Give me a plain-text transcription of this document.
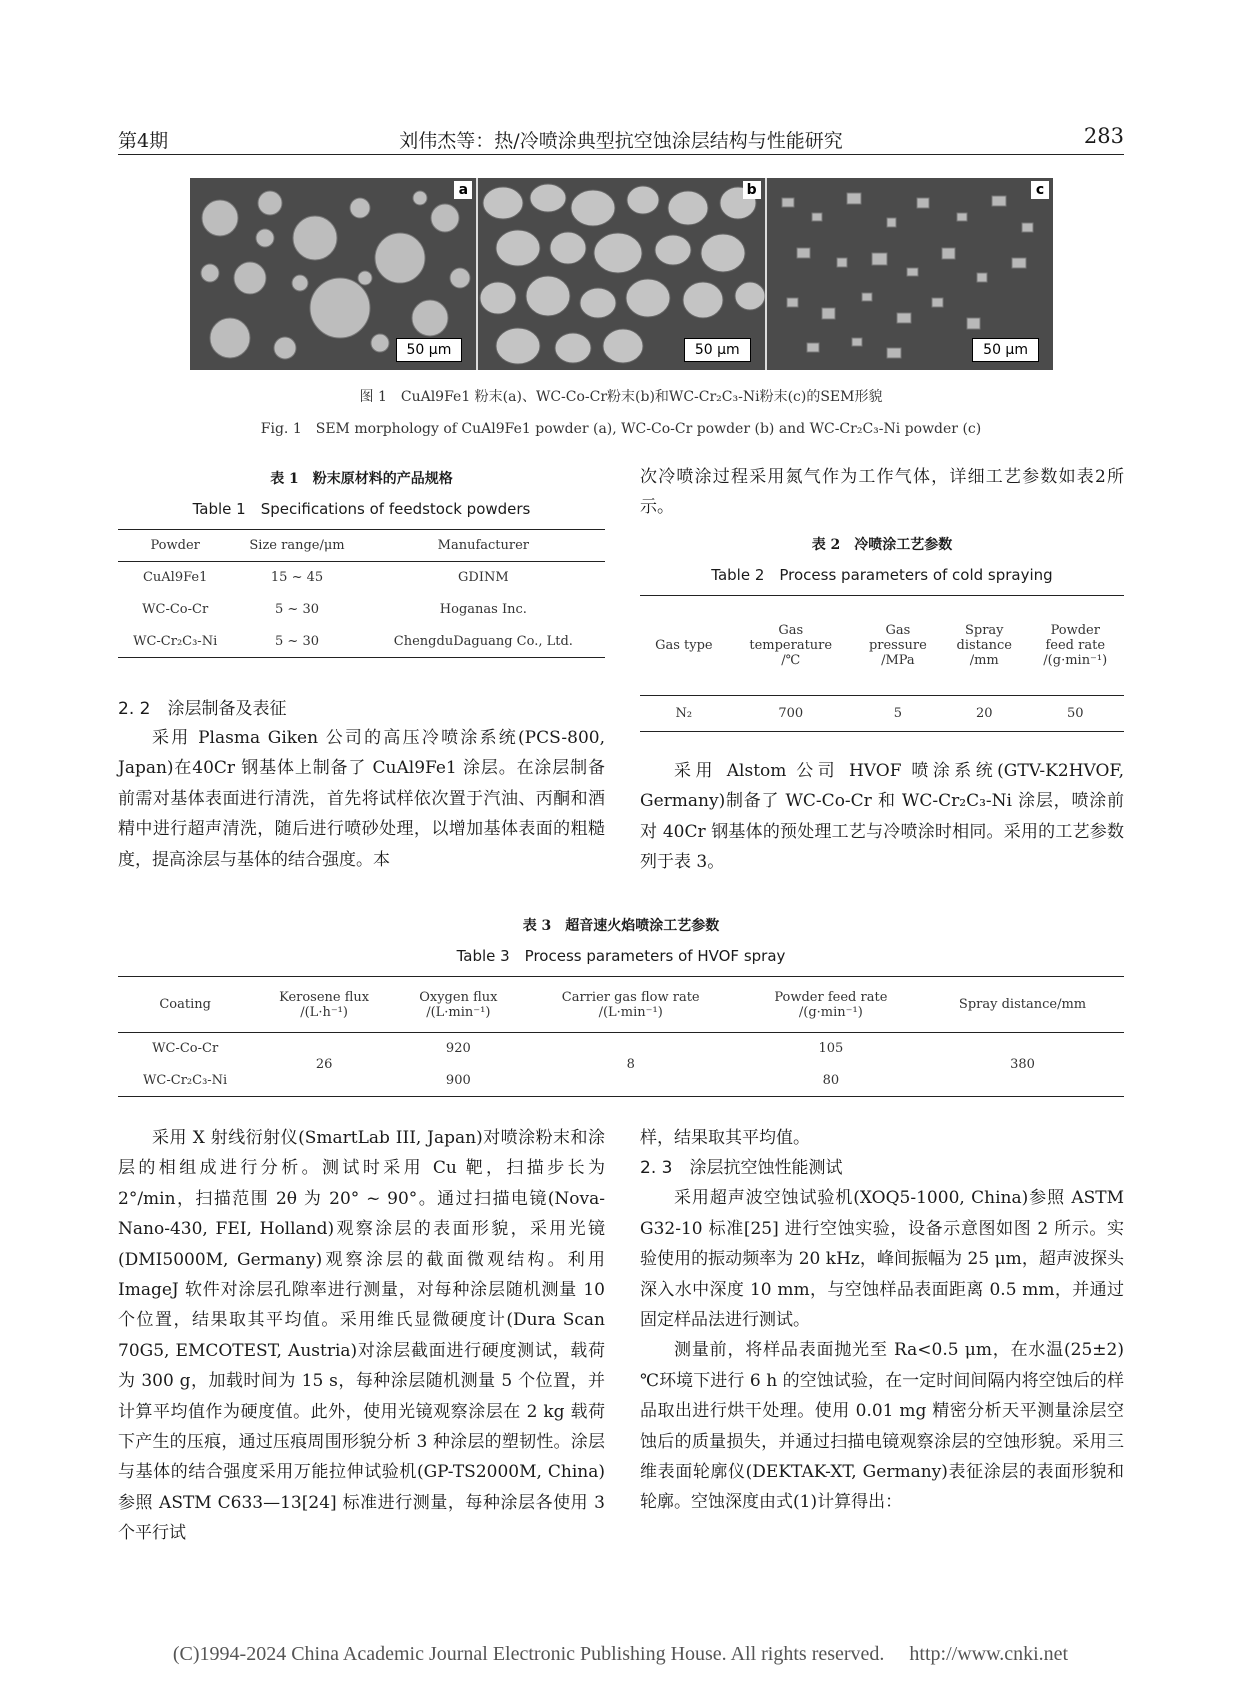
第4期	刘伟杰等：热/冷喷涂典型抗空蚀涂层结构与性能研究	283
a
50 μm
b
50 μm
c
50 μm
图 1　CuAl9Fe1 粉末(a)、WC-Co-Cr粉末(b)和WC-Cr₂C₃-Ni粉末(c)的SEM形貌
Fig. 1　SEM morphology of CuAl9Fe1 powder (a), WC-Co-Cr powder (b) and WC-Cr₂C₃-Ni powder (c)
表 1　粉末原材料的产品规格
Table 1　Specifications of feedstock powders
Powder	Size range/μm	Manufacturer
CuAl9Fe1	15 ~ 45	GDINM
WC-Co-Cr	5 ~ 30	Hoganas Inc.
WC-Cr₂C₃-Ni	5 ~ 30	ChengduDaguang Co., Ltd.
2. 2　涂层制备及表征

采用 Plasma Giken 公司的高压冷喷涂系统(PCS-800, Japan)在40Cr 钢基体上制备了 CuAl9Fe1 涂层。在涂层制备前需对基体表面进行清洗，首先将试样依次置于汽油、丙酮和酒精中进行超声清洗，随后进行喷砂处理，以增加基体表面的粗糙度，提高涂层与基体的结合强度。本

次冷喷涂过程采用氮气作为工作气体，详细工艺参数如表2所示。

表 2　冷喷涂工艺参数
Table 2　Process parameters of cold spraying
Gas type	Gas
temperature
/℃	Gas
pressure
/MPa	Spray
distance
/mm	Powder
feed rate
/(g·min⁻¹)
N₂	700	5	20	50

采用 Alstom 公司 HVOF 喷涂系统(GTV-K2HVOF, Germany)制备了 WC-Co-Cr 和 WC-Cr₂C₃-Ni 涂层，喷涂前对 40Cr 钢基体的预处理工艺与冷喷涂时相同。采用的工艺参数列于表 3。

表 3　超音速火焰喷涂工艺参数
Table 3　Process parameters of HVOF spray
Coating	Kerosene flux
/(L·h⁻¹)	Oxygen flux
/(L·min⁻¹)	Carrier gas flow rate
/(L·min⁻¹)	Powder feed rate
/(g·min⁻¹)	Spray distance/mm
WC-Co-Cr	26	920	8	105	380
WC-Cr₂C₃-Ni		900		80	

采用 X 射线衍射仪(SmartLab III, Japan)对喷涂粉末和涂层的相组成进行分析。测试时采用 Cu 靶，扫描步长为 2°/min，扫描范围 2θ 为 20° ~ 90°。通过扫描电镜(Nova-Nano-430, FEI, Holland)观察涂层的表面形貌，采用光镜(DMI5000M, Germany)观察涂层的截面微观结构。利用 ImageJ 软件对涂层孔隙率进行测量，对每种涂层随机测量 10 个位置，结果取其平均值。采用维氏显微硬度计(Dura Scan 70G5, EMCOTEST, Austria)对涂层截面进行硬度测试，载荷为 300 g，加载时间为 15 s，每种涂层随机测量 5 个位置，并计算平均值作为硬度值。此外，使用光镜观察涂层在 2 kg 载荷下产生的压痕，通过压痕周围形貌分析 3 种涂层的塑韧性。涂层与基体的结合强度采用万能拉伸试验机(GP-TS2000M, China)参照 ASTM C633—13[24] 标准进行测量，每种涂层各使用 3 个平行试

样，结果取其平均值。

2. 3　涂层抗空蚀性能测试

采用超声波空蚀试验机(XOQ5-1000, China)参照 ASTM G32-10 标准[25] 进行空蚀实验，设备示意图如图 2 所示。实验使用的振动频率为 20 kHz，峰间振幅为 25 μm，超声波探头深入水中深度 10 mm，与空蚀样品表面距离 0.5 mm，并通过固定样品法进行测试。

测量前，将样品表面抛光至 Ra<0.5 μm，在水温(25±2) ℃环境下进行 6 h 的空蚀试验，在一定时间间隔内将空蚀后的样品取出进行烘干处理。使用 0.01 mg 精密分析天平测量涂层空蚀后的质量损失，并通过扫描电镜观察涂层的空蚀形貌。采用三维表面轮廓仪(DEKTAK-XT, Germany)表征涂层的表面形貌和轮廓。空蚀深度由式(1)计算得出：

(C)1994-2024 China Academic Journal Electronic Publishing House. All rights reserved.　 http://www.cnki.net
